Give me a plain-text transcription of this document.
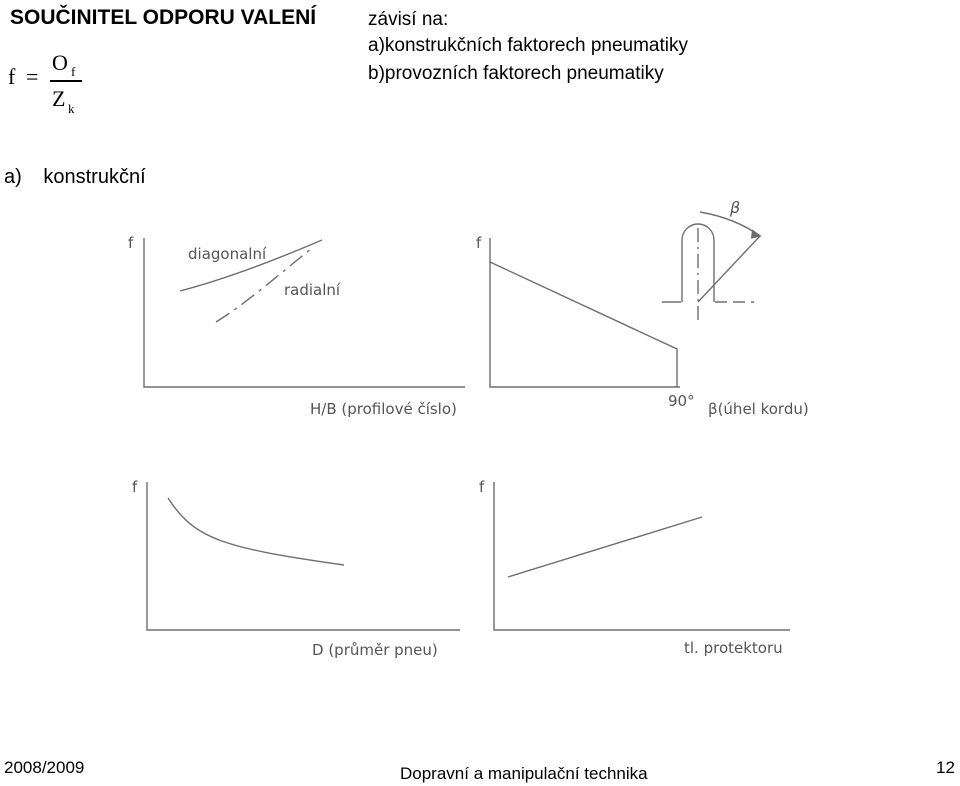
SOUČINITEL ODPORU VALENÍ	závisí na:
a)konstrukčních faktorech pneumatiky
b)provozních faktorech pneumatiky
f =
O f
Z k
a) konstrukční
f
diagonalní
radialní
H/B (profilové číslo)
f
90° β(úhel kordu)
β
f
D (průměr pneu)
f
tl. protektoru
2008/2009	Dopravní a manipulační technika	12
